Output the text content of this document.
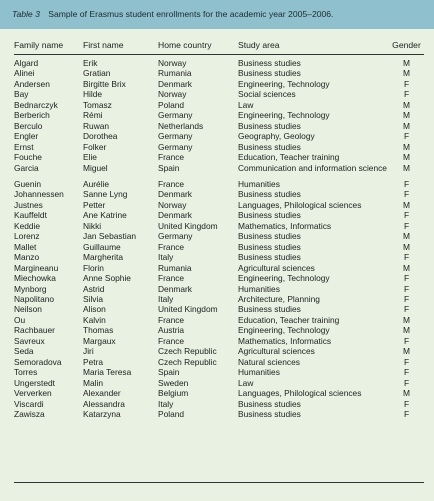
Table 3 Sample of Erasmus student enrollments for the academic year 2005–2006.
Family name	First name	Home country	Study area	Gender
Algard	Erik	Norway	Business studies	M
Alinei	Gratian	Rumania	Business studies	M
Andersen	Birgitte Brix	Denmark	Engineering, Technology	F
Bay	Hilde	Norway	Social sciences	F
Bednarczyk	Tomasz	Poland	Law	M
Berberich	Rémi	Germany	Engineering, Technology	M
Berculo	Ruwan	Netherlands	Business studies	M
Engler	Dorothea	Germany	Geography, Geology	F
Ernst	Folker	Germany	Business studies	M
Fouche	Elie	France	Education, Teacher training	M
Garcia	Miguel	Spain	Communication and information science	M
Guenin	Aurélie	France	Humanities	F
Johannessen	Sanne Lyng	Denmark	Business studies	F
Justnes	Petter	Norway	Languages, Philological sciences	M
Kauffeldt	Ane Katrine	Denmark	Business studies	F
Keddie	Nikki	United Kingdom	Mathematics, Informatics	F
Lorenz	Jan Sebastian	Germany	Business studies	M
Mallet	Guillaume	France	Business studies	M
Manzo	Margherita	Italy	Business studies	F
Margineanu	Florin	Rumania	Agricultural sciences	M
Miechowka	Anne Sophie	France	Engineering, Technology	F
Mynborg	Astrid	Denmark	Humanities	F
Napolitano	Silvia	Italy	Architecture, Planning	F
Neilson	Alison	United Kingdom	Business studies	F
Ou	Kalvin	France	Education, Teacher training	M
Rachbauer	Thomas	Austria	Engineering, Technology	M
Savreux	Margaux	France	Mathematics, Informatics	F
Seda	Jiri	Czech Republic	Agricultural sciences	M
Semoradova	Petra	Czech Republic	Natural sciences	F
Torres	Maria Teresa	Spain	Humanities	F
Ungerstedt	Malin	Sweden	Law	F
Ververken	Alexander	Belgium	Languages, Philological sciences	M
Viscardi	Alessandra	Italy	Business studies	F
Zawisza	Katarzyna	Poland	Business studies	F
